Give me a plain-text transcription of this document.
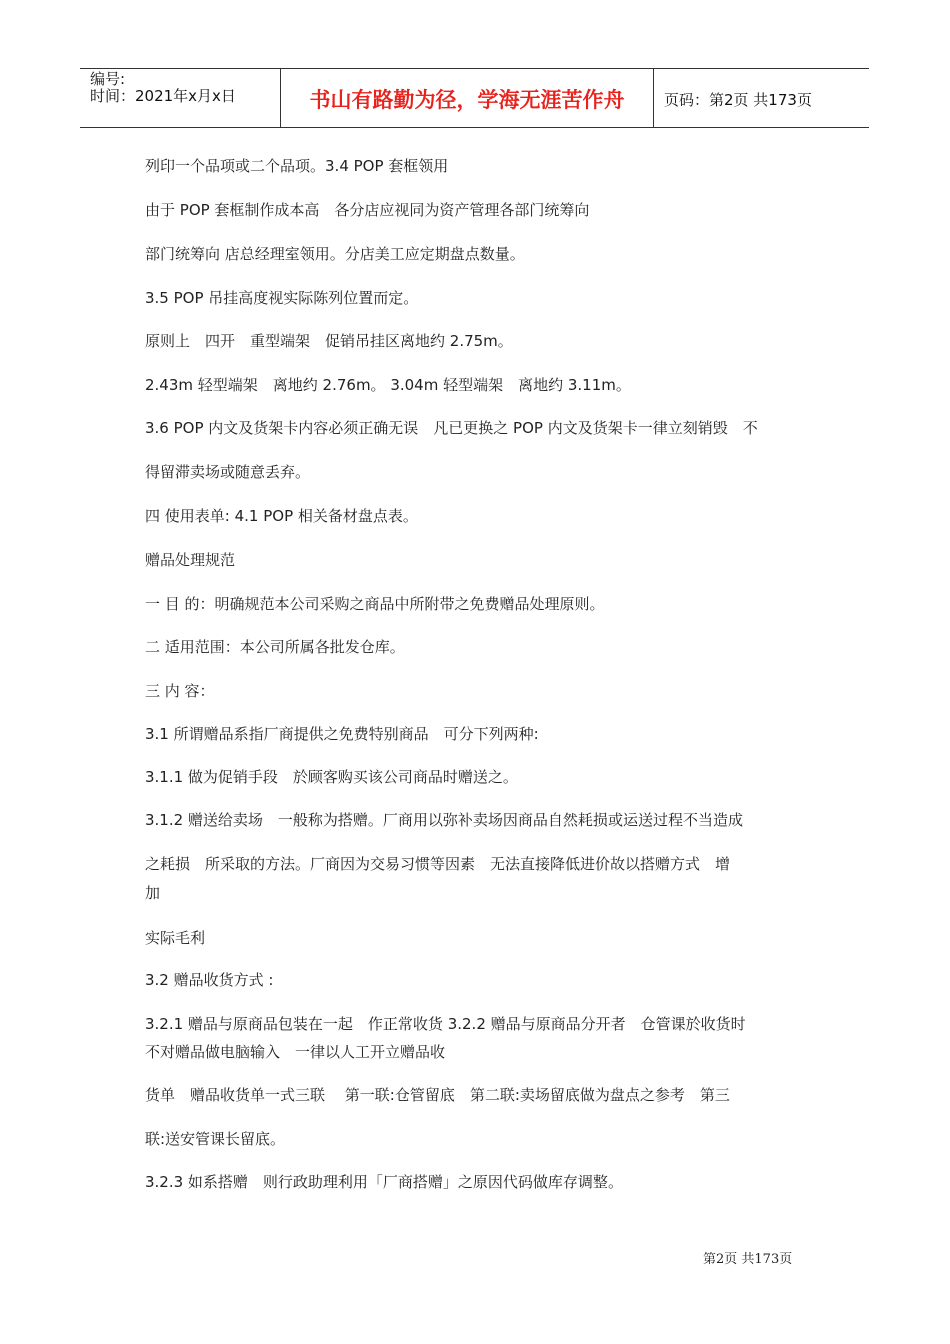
编号:
时间：2021年x月x日	书山有路勤为径，学海无涯苦作舟	页码：第2页 共173页
列印一个品项或二个品项。3.4 POP 套框领用
由于 POP 套框制作成本高　各分店应视同为资产管理各部门统筹向
部门统筹向 店总经理室领用。分店美工应定期盘点数量。
3.5 POP 吊挂高度视实际陈列位置而定。
原则上　四开　重型端架　促销吊挂区离地约 2.75m。
2.43m 轻型端架　离地约 2.76m。 3.04m 轻型端架　离地约 3.11m。
3.6 POP 内文及货架卡内容必须正确无误　凡已更换之 POP 内文及货架卡一律立刻销毁　不
得留滞卖场或随意丢弃。
四 使用表单: 4.1 POP 相关备材盘点表。
赠品处理规范
一 目 的：明确规范本公司采购之商品中所附带之免费赠品处理原则。
二 适用范围：本公司所属各批发仓库。
三 内 容：
3.1 所谓赠品系指厂商提供之免费特别商品　可分下列两种:
3.1.1 做为促销手段　於顾客购买该公司商品时赠送之。
3.1.2 赠送给卖场　一般称为搭赠。厂商用以弥补卖场因商品自然耗损或运送过程不当造成
之耗损　所采取的方法。厂商因为交易习惯等因素　无法直接降低进价故以搭赠方式　增
加
实际毛利
3.2 赠品收货方式 :
3.2.1 赠品与原商品包装在一起　作正常收货 3.2.2 赠品与原商品分开者　仓管课於收货时
不对赠品做电脑输入　一律以人工开立赠品收
货单　赠品收货单一式三联　 第一联:仓管留底　第二联:卖场留底做为盘点之参考　第三
联:送安管课长留底。
3.2.3 如系搭赠　则行政助理利用「厂商搭赠」之原因代码做库存调整。
第2页 共173页
